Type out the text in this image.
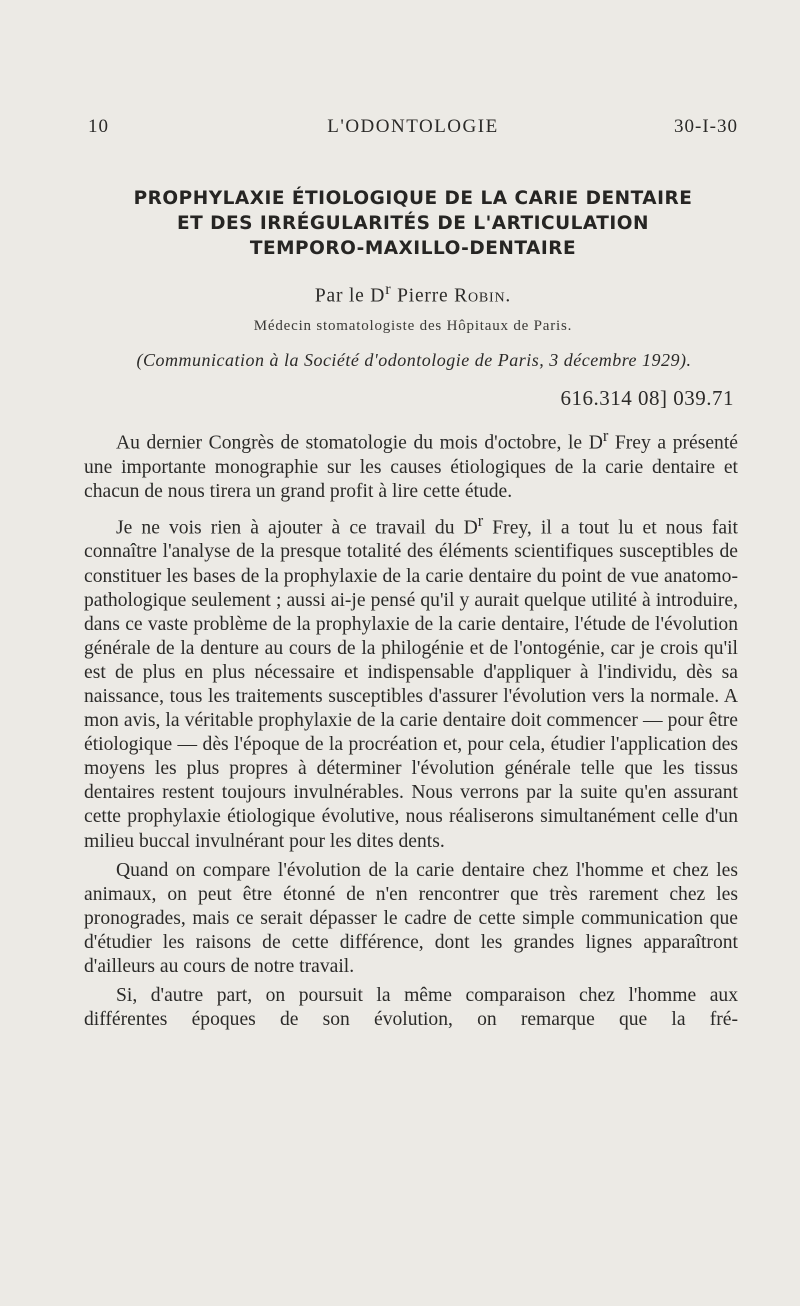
10	L'ODONTOLOGIE	30-I-30
PROPHYLAXIE ÉTIOLOGIQUE DE LA CARIE DENTAIRE
ET DES IRRÉGULARITÉS DE L'ARTICULATION
TEMPORO-MAXILLO-DENTAIRE
Par le $D^r$ Pierre Robin.
Médecin stomatologiste des Hôpitaux de Paris.
(Communication à la Société d'odontologie de Paris, 3 décembre 1929).
616.314 08] 039.71

Au dernier Congrès de stomatologie du mois d'octobre, le $D^r$ Frey a présenté une importante monographie sur les causes étiologiques de la carie dentaire et chacun de nous tirera un grand profit à lire cette étude.

Je ne vois rien à ajouter à ce travail du $D^r$ Frey, il a tout lu et nous fait connaître l'analyse de la presque totalité des éléments scientifiques susceptibles de constituer les bases de la prophylaxie de la carie dentaire du point de vue anatomo-pathologique seulement ; aussi ai-je pensé qu'il y aurait quelque utilité à introduire, dans ce vaste problème de la prophylaxie de la carie dentaire, l'étude de l'évolution générale de la denture au cours de la philogénie et de l'ontogénie, car je crois qu'il est de plus en plus nécessaire et indispensable d'appliquer à l'individu, dès sa naissance, tous les traitements susceptibles d'assurer l'évolution vers la normale. A mon avis, la véritable prophylaxie de la carie dentaire doit commencer — pour être étiologique — dès l'époque de la procréation et, pour cela, étudier l'application des moyens les plus propres à déterminer l'évolution générale telle que les tissus dentaires restent toujours invulnérables. Nous verrons par la suite qu'en assurant cette prophylaxie étiologique évolutive, nous réaliserons simultanément celle d'un milieu buccal invulnérant pour les dites dents.

Quand on compare l'évolution de la carie dentaire chez l'homme et chez les animaux, on peut être étonné de n'en rencontrer que très rarement chez les pronogrades, mais ce serait dépasser le cadre de cette simple communication que d'étudier les raisons de cette différence, dont les grandes lignes apparaîtront d'ailleurs au cours de notre travail.

Si, d'autre part, on poursuit la même comparaison chez l'homme aux différentes époques de son évolution, on remarque que la fré-
